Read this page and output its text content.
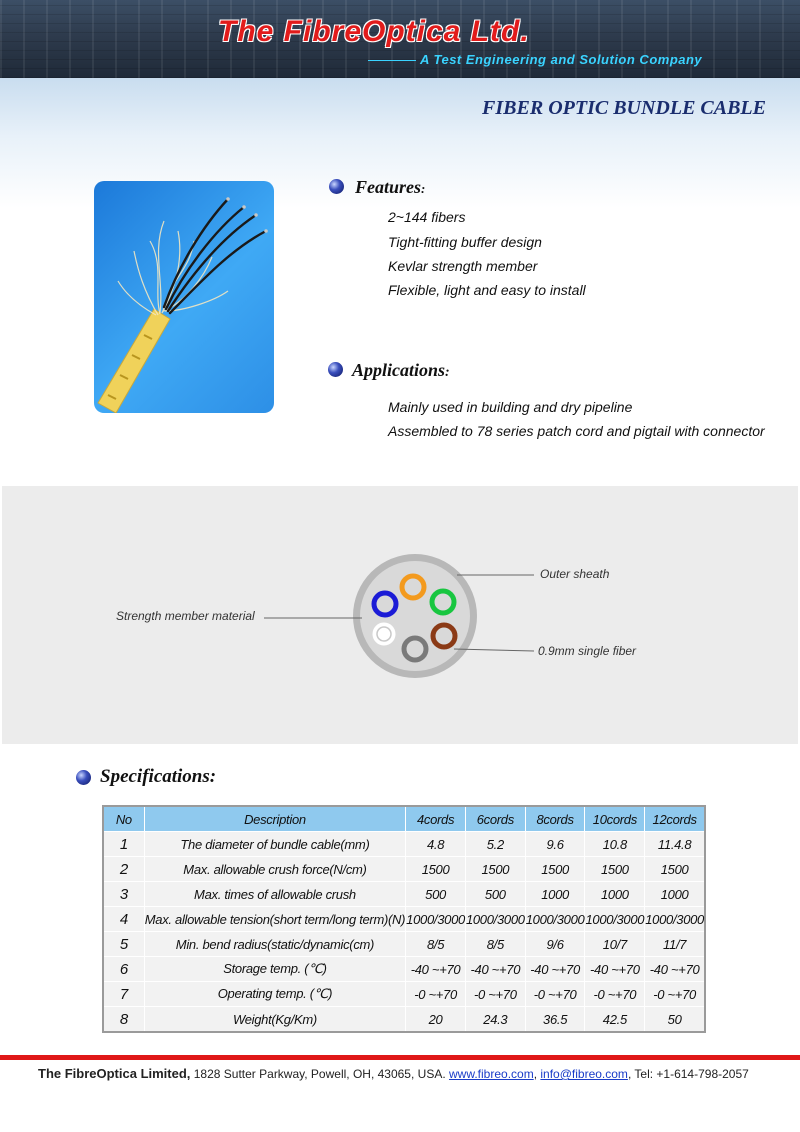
The FibreOptica Ltd.
A Test Engineering and Solution Company
FIBER OPTIC BUNDLE CABLE
Features:
2~144 fibers
Tight-fitting buffer design
Kevlar strength member
Flexible, light and easy to install
Applications:
Mainly used in building and dry pipeline
Assembled to 78 series patch cord and pigtail with connector
Outer sheath
Strength member material
0.9mm single fiber
Specifications:
No	Description	4cords	6cords	8cords	10cords	12cords
1	The diameter of bundle cable(mm)	4.8	5.2	9.6	10.8	11.4.8
2	Max. allowable crush force(N/cm)	1500	1500	1500	1500	1500
3	Max. times of allowable crush	500	500	1000	1000	1000
4	Max. allowable tension(short term/long term)(N)	1000/3000	1000/3000	1000/3000	1000/3000	1000/3000
5	Min. bend radius(static/dynamic(cm)	8/5	8/5	9/6	10/7	11/7
6	Storage temp. (℃)	-40 ~+70	-40 ~+70	-40 ~+70	-40 ~+70	-40 ~+70
7	Operating temp. (℃)	-0 ~+70	-0 ~+70	-0 ~+70	-0 ~+70	-0 ~+70
8	Weight(Kg/Km)	20	24.3	36.5	42.5	50
The FibreOptica Limited, 1828 Sutter Parkway, Powell, OH, 43065, USA. www.fibreo.com, info@fibreo.com, Tel: +1-614-798-2057
